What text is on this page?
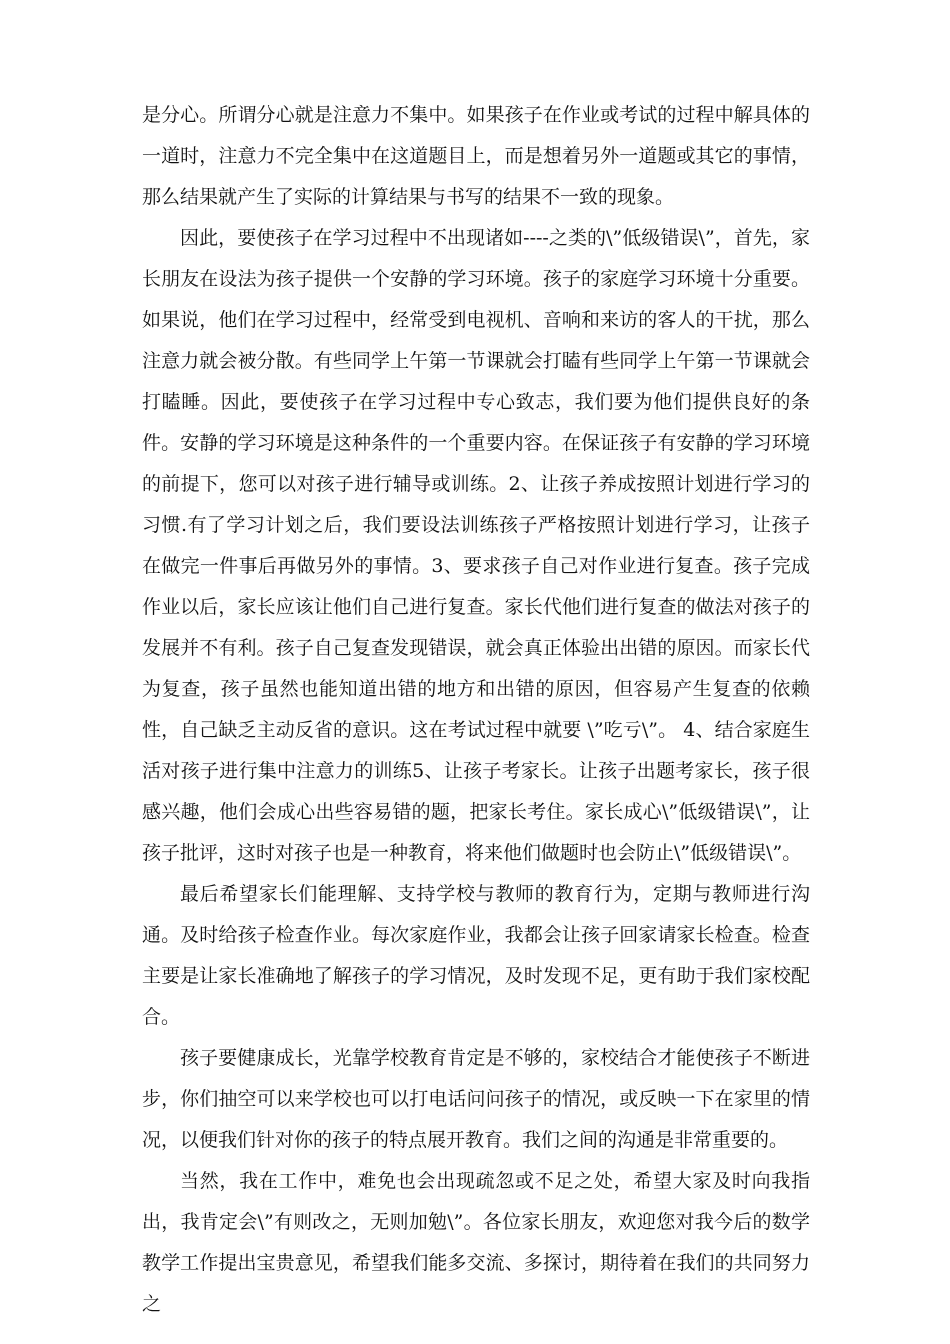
是分心。所谓分心就是注意力不集中。如果孩子在作业或考试的过程中解具体的一道时，注意力不完全集中在这道题目上，而是想着另外一道题或其它的事情，那么结果就产生了实际的计算结果与书写的结果不一致的现象。

因此，要使孩子在学习过程中不出现诸如----之类的\”低级错误\”，首先，家长朋友在设法为孩子提供一个安静的学习环境。孩子的家庭学习环境十分重要。如果说，他们在学习过程中，经常受到电视机、音响和来访的客人的干扰，那么注意力就会被分散。有些同学上午第一节课就会打瞌有些同学上午第一节课就会打瞌睡。因此，要使孩子在学习过程中专心致志，我们要为他们提供良好的条件。安静的学习环境是这种条件的一个重要内容。在保证孩子有安静的学习环境的前提下，您可以对孩子进行辅导或训练。2、让孩子养成按照计划进行学习的习惯.有了学习计划之后，我们要设法训练孩子严格按照计划进行学习，让孩子在做完一件事后再做另外的事情。3、要求孩子自己对作业进行复查。孩子完成作业以后，家长应该让他们自己进行复查。家长代他们进行复查的做法对孩子的发展并不有利。孩子自己复查发现错误，就会真正体验出出错的原因。而家长代为复查，孩子虽然也能知道出错的地方和出错的原因，但容易产生复查的依赖性，自己缺乏主动反省的意识。这在考试过程中就要 \”吃亏\”。 4、结合家庭生活对孩子进行集中注意力的训练5、让孩子考家长。让孩子出题考家长，孩子很感兴趣，他们会成心出些容易错的题，把家长考住。家长成心\”低级错误\”，让孩子批评，这时对孩子也是一种教育，将来他们做题时也会防止\”低级错误\”。

最后希望家长们能理解、支持学校与教师的教育行为，定期与教师进行沟通。及时给孩子检查作业。每次家庭作业，我都会让孩子回家请家长检查。检查主要是让家长准确地了解孩子的学习情况，及时发现不足，更有助于我们家校配合。

孩子要健康成长，光靠学校教育肯定是不够的，家校结合才能使孩子不断进步，你们抽空可以来学校也可以打电话问问孩子的情况，或反映一下在家里的情况，以便我们针对你的孩子的特点展开教育。我们之间的沟通是非常重要的。

当然，我在工作中，难免也会出现疏忽或不足之处，希望大家及时向我指出，我肯定会\”有则改之，无则加勉\”。各位家长朋友，欢迎您对我今后的数学教学工作提出宝贵意见，希望我们能多交流、多探讨，期待着在我们的共同努力之
